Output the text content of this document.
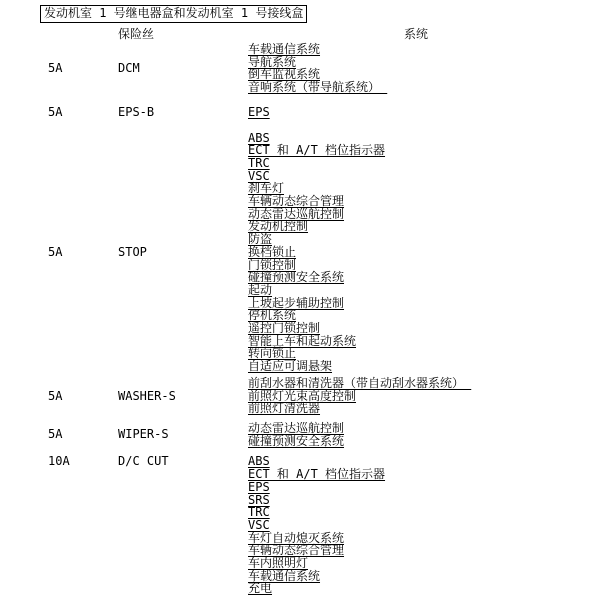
发动机室 1 号继电器盒和发动机室 1 号接线盒
保险丝	系统
5A	DCM
车载通信系统
导航系统
倒车监视系统
音响系统（带导航系统）
5A	EPS-B	EPS
5A	STOP
ABS
ECT 和 A/T 档位指示器
TRC
VSC
刹车灯
车辆动态综合管理
动态雷达巡航控制
发动机控制
防盗
换档锁止
门锁控制
碰撞预测安全系统
起动
上坡起步辅助控制
停机系统
遥控门锁控制
智能上车和起动系统
转向锁止
自适应可调悬架
5A	WASHER-S
前刮水器和清洗器（带自动刮水器系统）
前照灯光束高度控制
前照灯清洗器
5A	WIPER-S	动态雷达巡航控制
碰撞预测安全系统
10A	D/C CUT	ABS
ECT 和 A/T 档位指示器
EPS
SRS
TRC
VSC
车灯自动熄灭系统
车辆动态综合管理
车内照明灯
车载通信系统
充电
